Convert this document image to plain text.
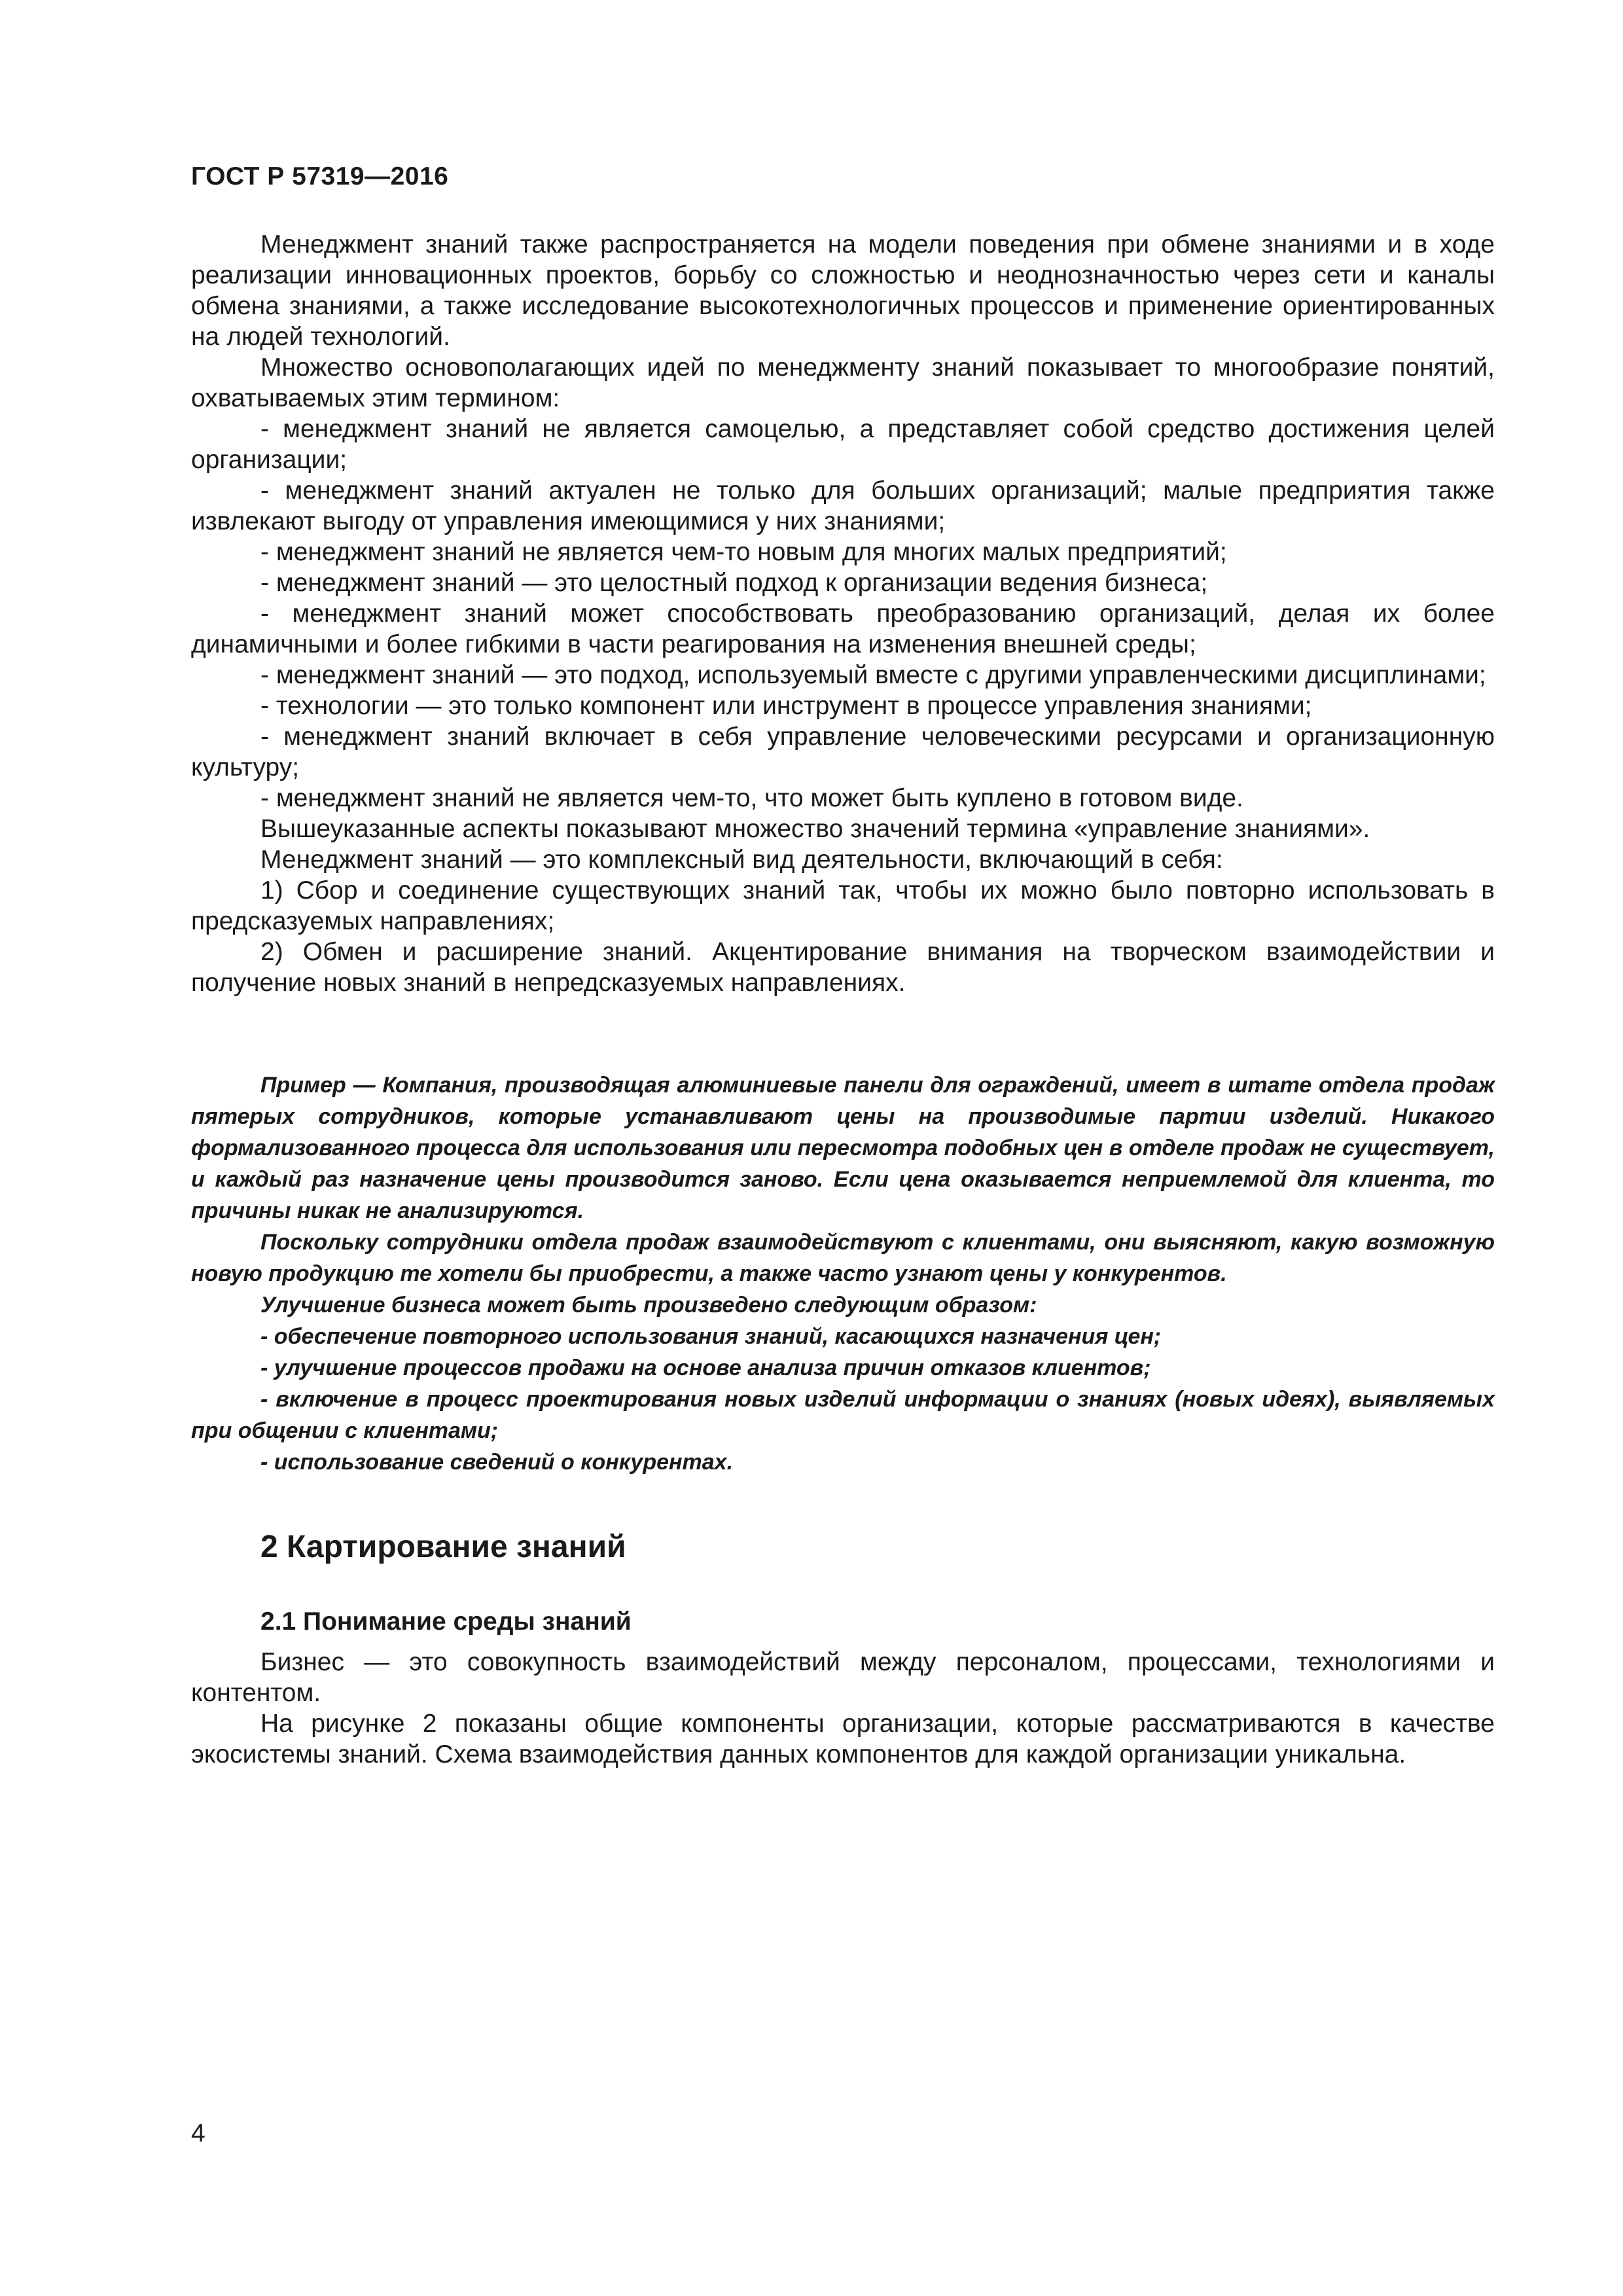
ГОСТ Р 57319—2016

Менеджмент знаний также распространяется на модели поведения при обмене знаниями и в ходе реализации инновационных проектов, борьбу со сложностью и неоднозначностью через сети и каналы обмена знаниями, а также исследование высокотехнологичных процессов и применение ориентированных на людей технологий.

Множество основополагающих идей по менеджменту знаний показывает то многообразие понятий, охватываемых этим термином:

- менеджмент знаний не является самоцелью, а представляет собой средство достижения целей организации;

- менеджмент знаний актуален не только для больших организаций; малые предприятия также извлекают выгоду от управления имеющимися у них знаниями;

- менеджмент знаний не является чем-то новым для многих малых предприятий;

- менеджмент знаний — это целостный подход к организации ведения бизнеса;

- менеджмент знаний может способствовать преобразованию организаций, делая их более динамичными и более гибкими в части реагирования на изменения внешней среды;

- менеджмент знаний — это подход, используемый вместе с другими управленческими дисциплинами;

- технологии — это только компонент или инструмент в процессе управления знаниями;

- менеджмент знаний включает в себя управление человеческими ресурсами и организационную культуру;

- менеджмент знаний не является чем-то, что может быть куплено в готовом виде.

Вышеуказанные аспекты показывают множество значений термина «управление знаниями».

Менеджмент знаний — это комплексный вид деятельности, включающий в себя:

1) Сбор и соединение существующих знаний так, чтобы их можно было повторно использовать в предсказуемых направлениях;

2) Обмен и расширение знаний. Акцентирование внимания на творческом взаимодействии и получение новых знаний в непредсказуемых направлениях.

Пример — Компания, производящая алюминиевые панели для ограждений, имеет в штате отдела продаж пятерых сотрудников, которые устанавливают цены на производимые партии изделий. Никакого формализованного процесса для использования или пересмотра подобных цен в отделе продаж не существует, и каждый раз назначение цены производится заново. Если цена оказывается неприемлемой для клиента, то причины никак не анализируются.

Поскольку сотрудники отдела продаж взаимодействуют с клиентами, они выясняют, какую возможную новую продукцию те хотели бы приобрести, а также часто узнают цены у конкурентов.

Улучшение бизнеса может быть произведено следующим образом:

- обеспечение повторного использования знаний, касающихся назначения цен;

- улучшение процессов продажи на основе анализа причин отказов клиентов;

- включение в процесс проектирования новых изделий информации о знаниях (новых идеях), выявляемых при общении с клиентами;

- использование сведений о конкурентах.

2 Картирование знаний
2.1 Понимание среды знаний

Бизнес — это совокупность взаимодействий между персоналом, процессами, технологиями и контентом.

На рисунке 2 показаны общие компоненты организации, которые рассматриваются в качестве экосистемы знаний. Схема взаимодействия данных компонентов для каждой организации уникальна.

4
